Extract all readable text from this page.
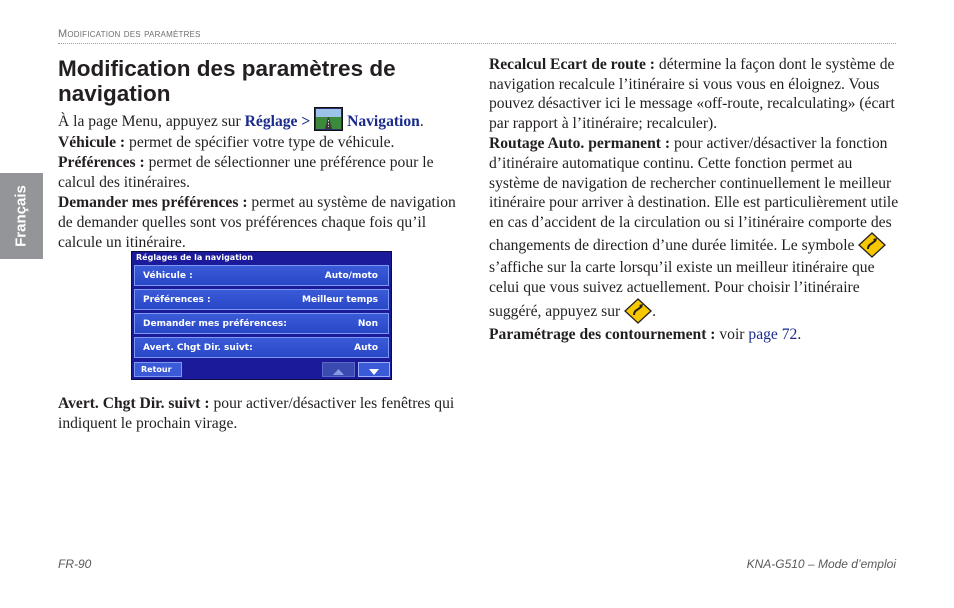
Modification des paramètres
Français
Modification des paramètres de navigation

À la page Menu, appuyez sur Réglage > Navigation.

Véhicule : permet de spécifier votre type de véhicule.

Préférences : permet de sélectionner une préférence pour le calcul des itinéraires.

Demander mes préférences : permet au système de navigation de demander quelles sont vos préférences chaque fois qu’il calcule un itinéraire.

Réglages de la navigation
Véhicule :	Auto/moto
Préférences :	Meilleur temps
Demander mes préférences:	Non
Avert. Chgt Dir. suivt:	Auto
Retour

Avert. Chgt Dir. suivt : pour activer/désactiver les fenêtres qui indiquent le prochain virage.

Recalcul Ecart de route : détermine la façon dont le système de navigation recalcule l’itinéraire si vous vous en éloignez. Vous pouvez désactiver ici le message «off-route, recalculating» (écart par rapport à l’itinéraire; recalculer).

Routage Auto. permanent : pour activer/désactiver la fonction d’itinéraire automatique continu. Cette fonction permet au système de navigation de rechercher continuellement le meilleur itinéraire pour arriver à destination. Elle est particulièrement utile en cas d’accident de la circulation ou si l’itinéraire comporte des changements de direction d’une durée limitée. Le symbole  s’affiche sur la carte lorsqu’il existe un meilleur itinéraire que celui que vous suivez actuellement. Pour choisir l’itinéraire suggéré, appuyez sur .

Paramétrage des contournement : voir page 72.

FR-90	KNA-G510 – Mode d’emploi
